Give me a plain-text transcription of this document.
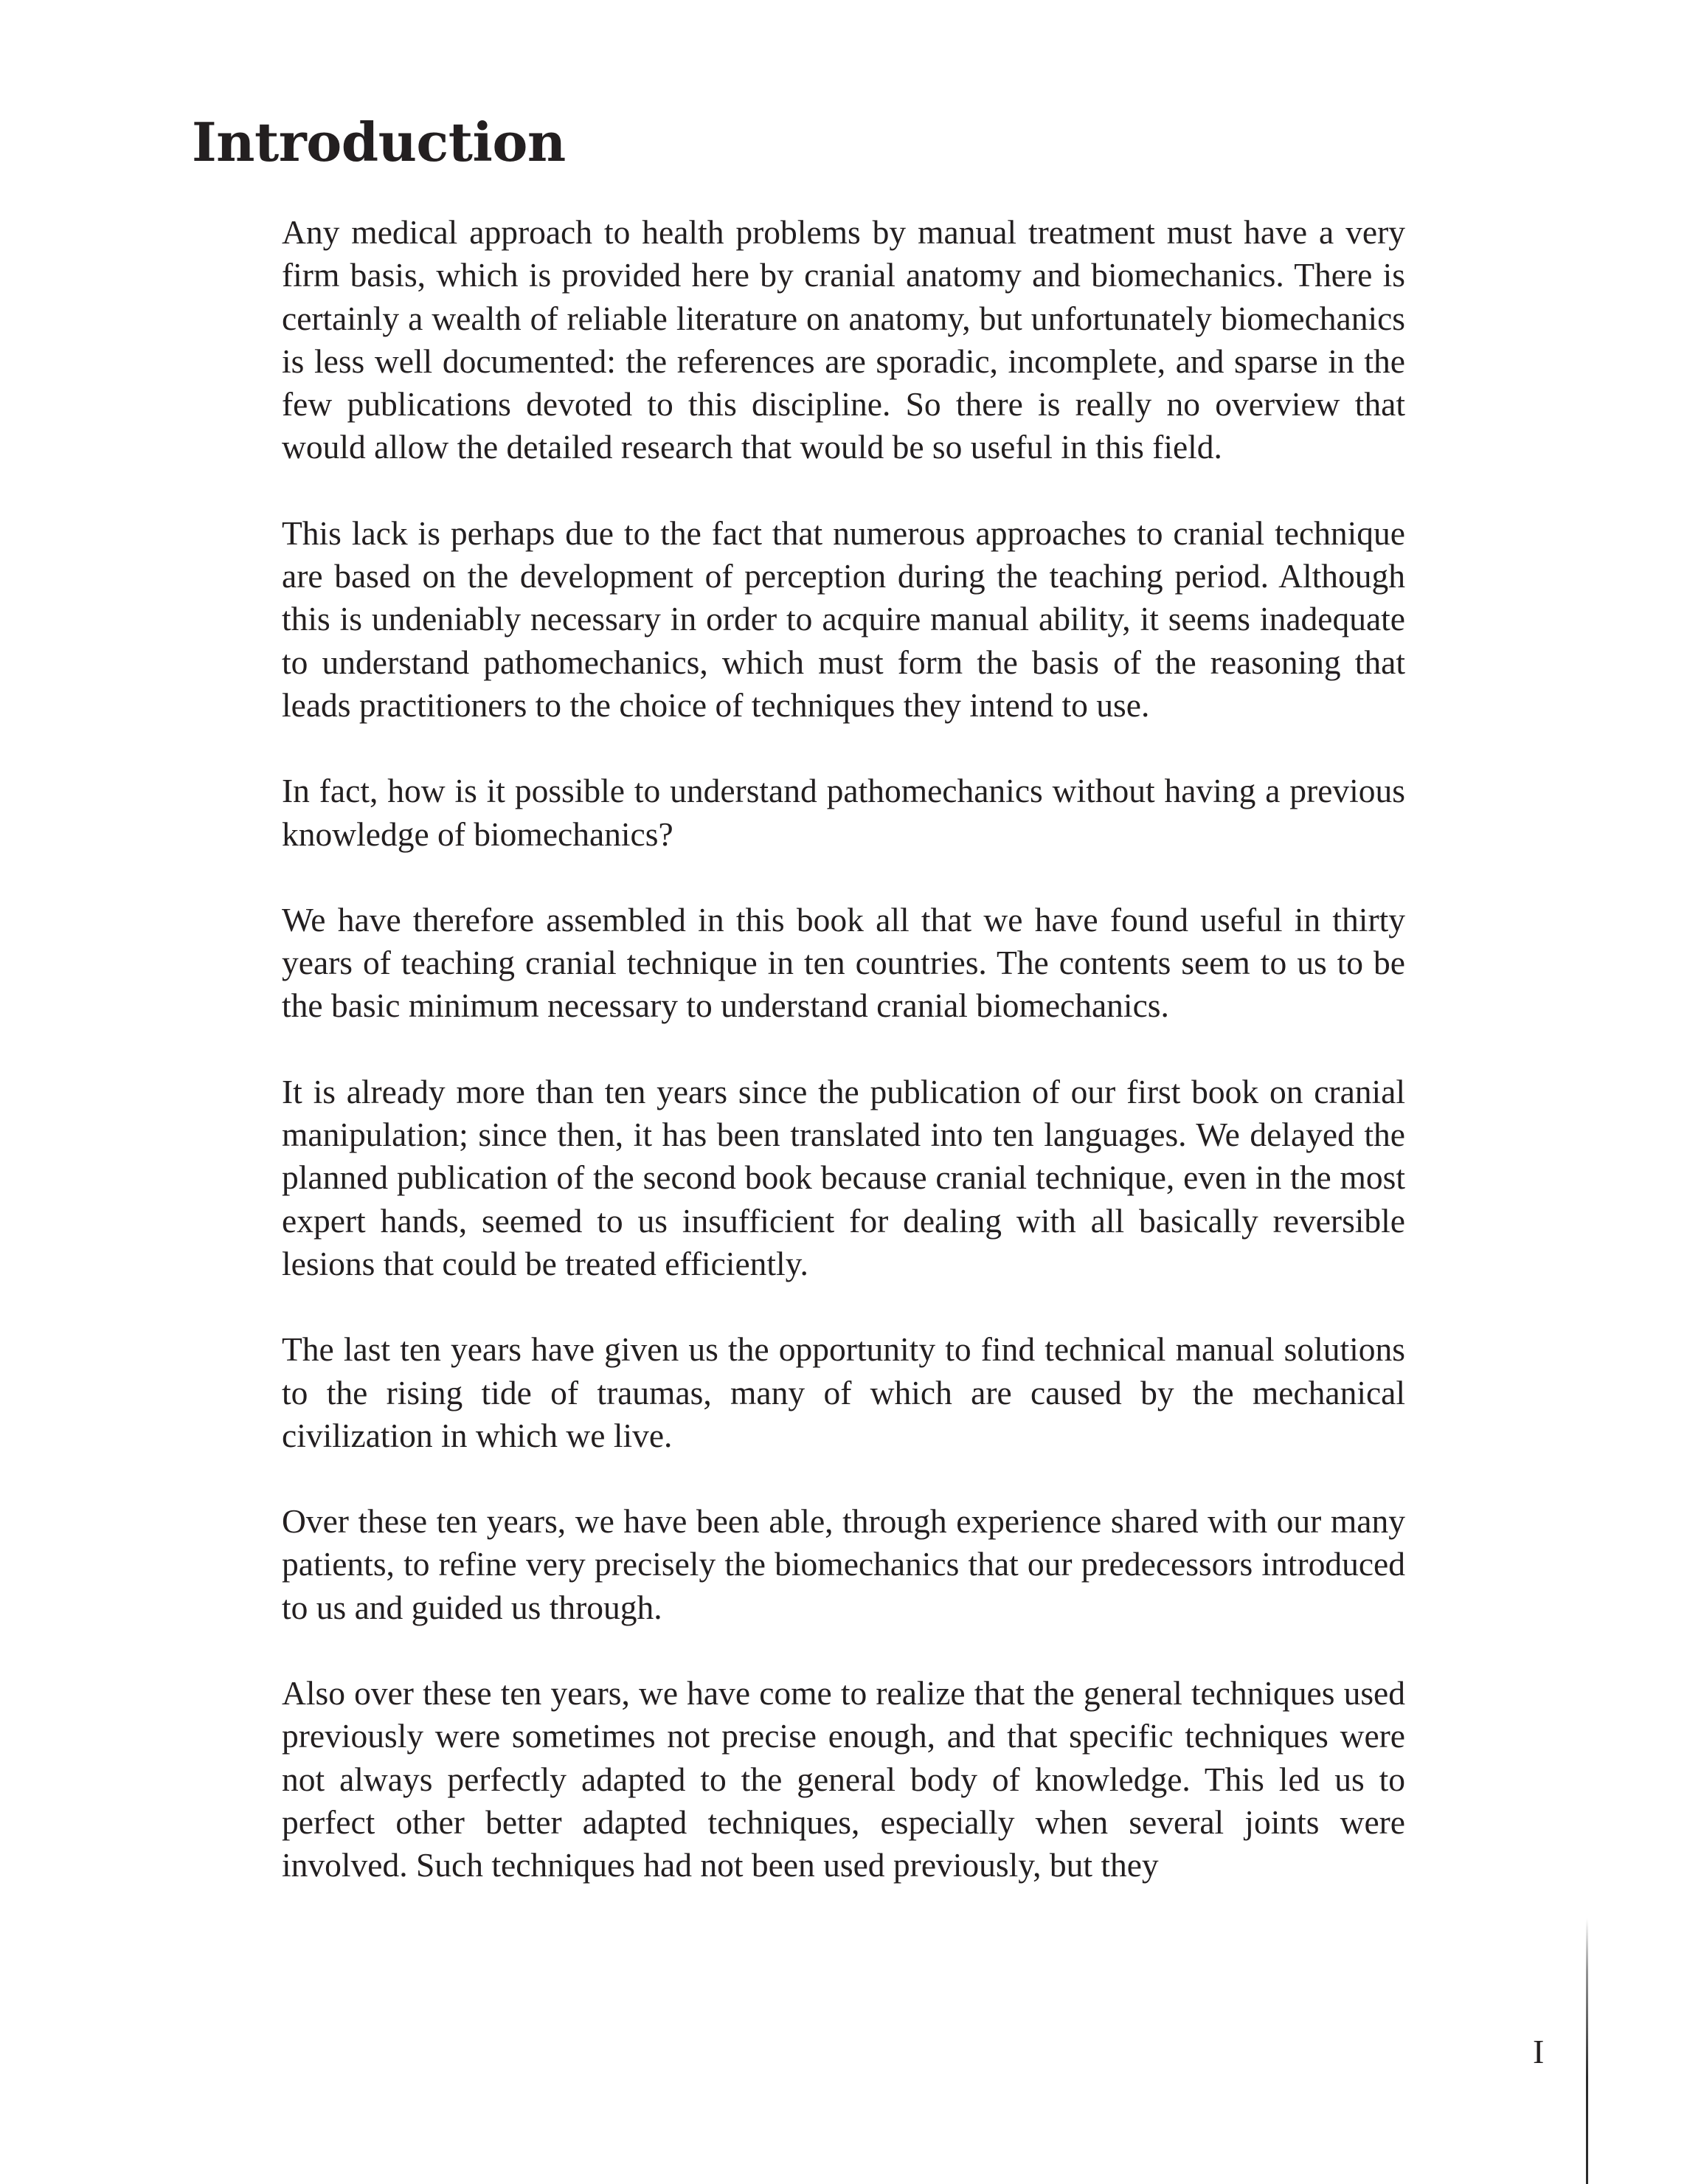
Introduction

Any medical approach to health problems by manual treatment must have a very firm basis, which is provided here by cranial anatomy and biomechanics. There is certainly a wealth of reliable literature on anatomy, but unfortunately biomechanics is less well documented: the references are sporadic, incomplete, and sparse in the few publications devoted to this discipline. So there is really no overview that would allow the detailed research that would be so useful in this field.

This lack is perhaps due to the fact that numerous approaches to cranial technique are based on the development of perception during the teaching period. Although this is undeniably necessary in order to acquire manual ability, it seems inadequate to understand pathomechanics, which must form the basis of the reasoning that leads practitioners to the choice of techniques they intend to use.

In fact, how is it possible to understand pathomechanics without having a previous knowledge of biomechanics?

We have therefore assembled in this book all that we have found useful in thirty years of teaching cranial technique in ten countries. The contents seem to us to be the basic minimum necessary to understand cranial biomechanics.

It is already more than ten years since the publication of our first book on cranial manipulation; since then, it has been translated into ten languages. We delayed the planned publication of the second book because cranial technique, even in the most expert hands, seemed to us insufficient for dealing with all basically reversible lesions that could be treated efficiently.

The last ten years have given us the opportunity to find technical manual solutions to the rising tide of traumas, many of which are caused by the mechanical civilization in which we live.

Over these ten years, we have been able, through experience shared with our many patients, to refine very precisely the biomechanics that our predecessors introduced to us and guided us through.

Also over these ten years, we have come to realize that the general techniques used previously were sometimes not precise enough, and that specific techniques were not always perfectly adapted to the general body of knowledge. This led us to perfect other better adapted techniques, especially when several joints were involved. Such techniques had not been used previously, but they

I
